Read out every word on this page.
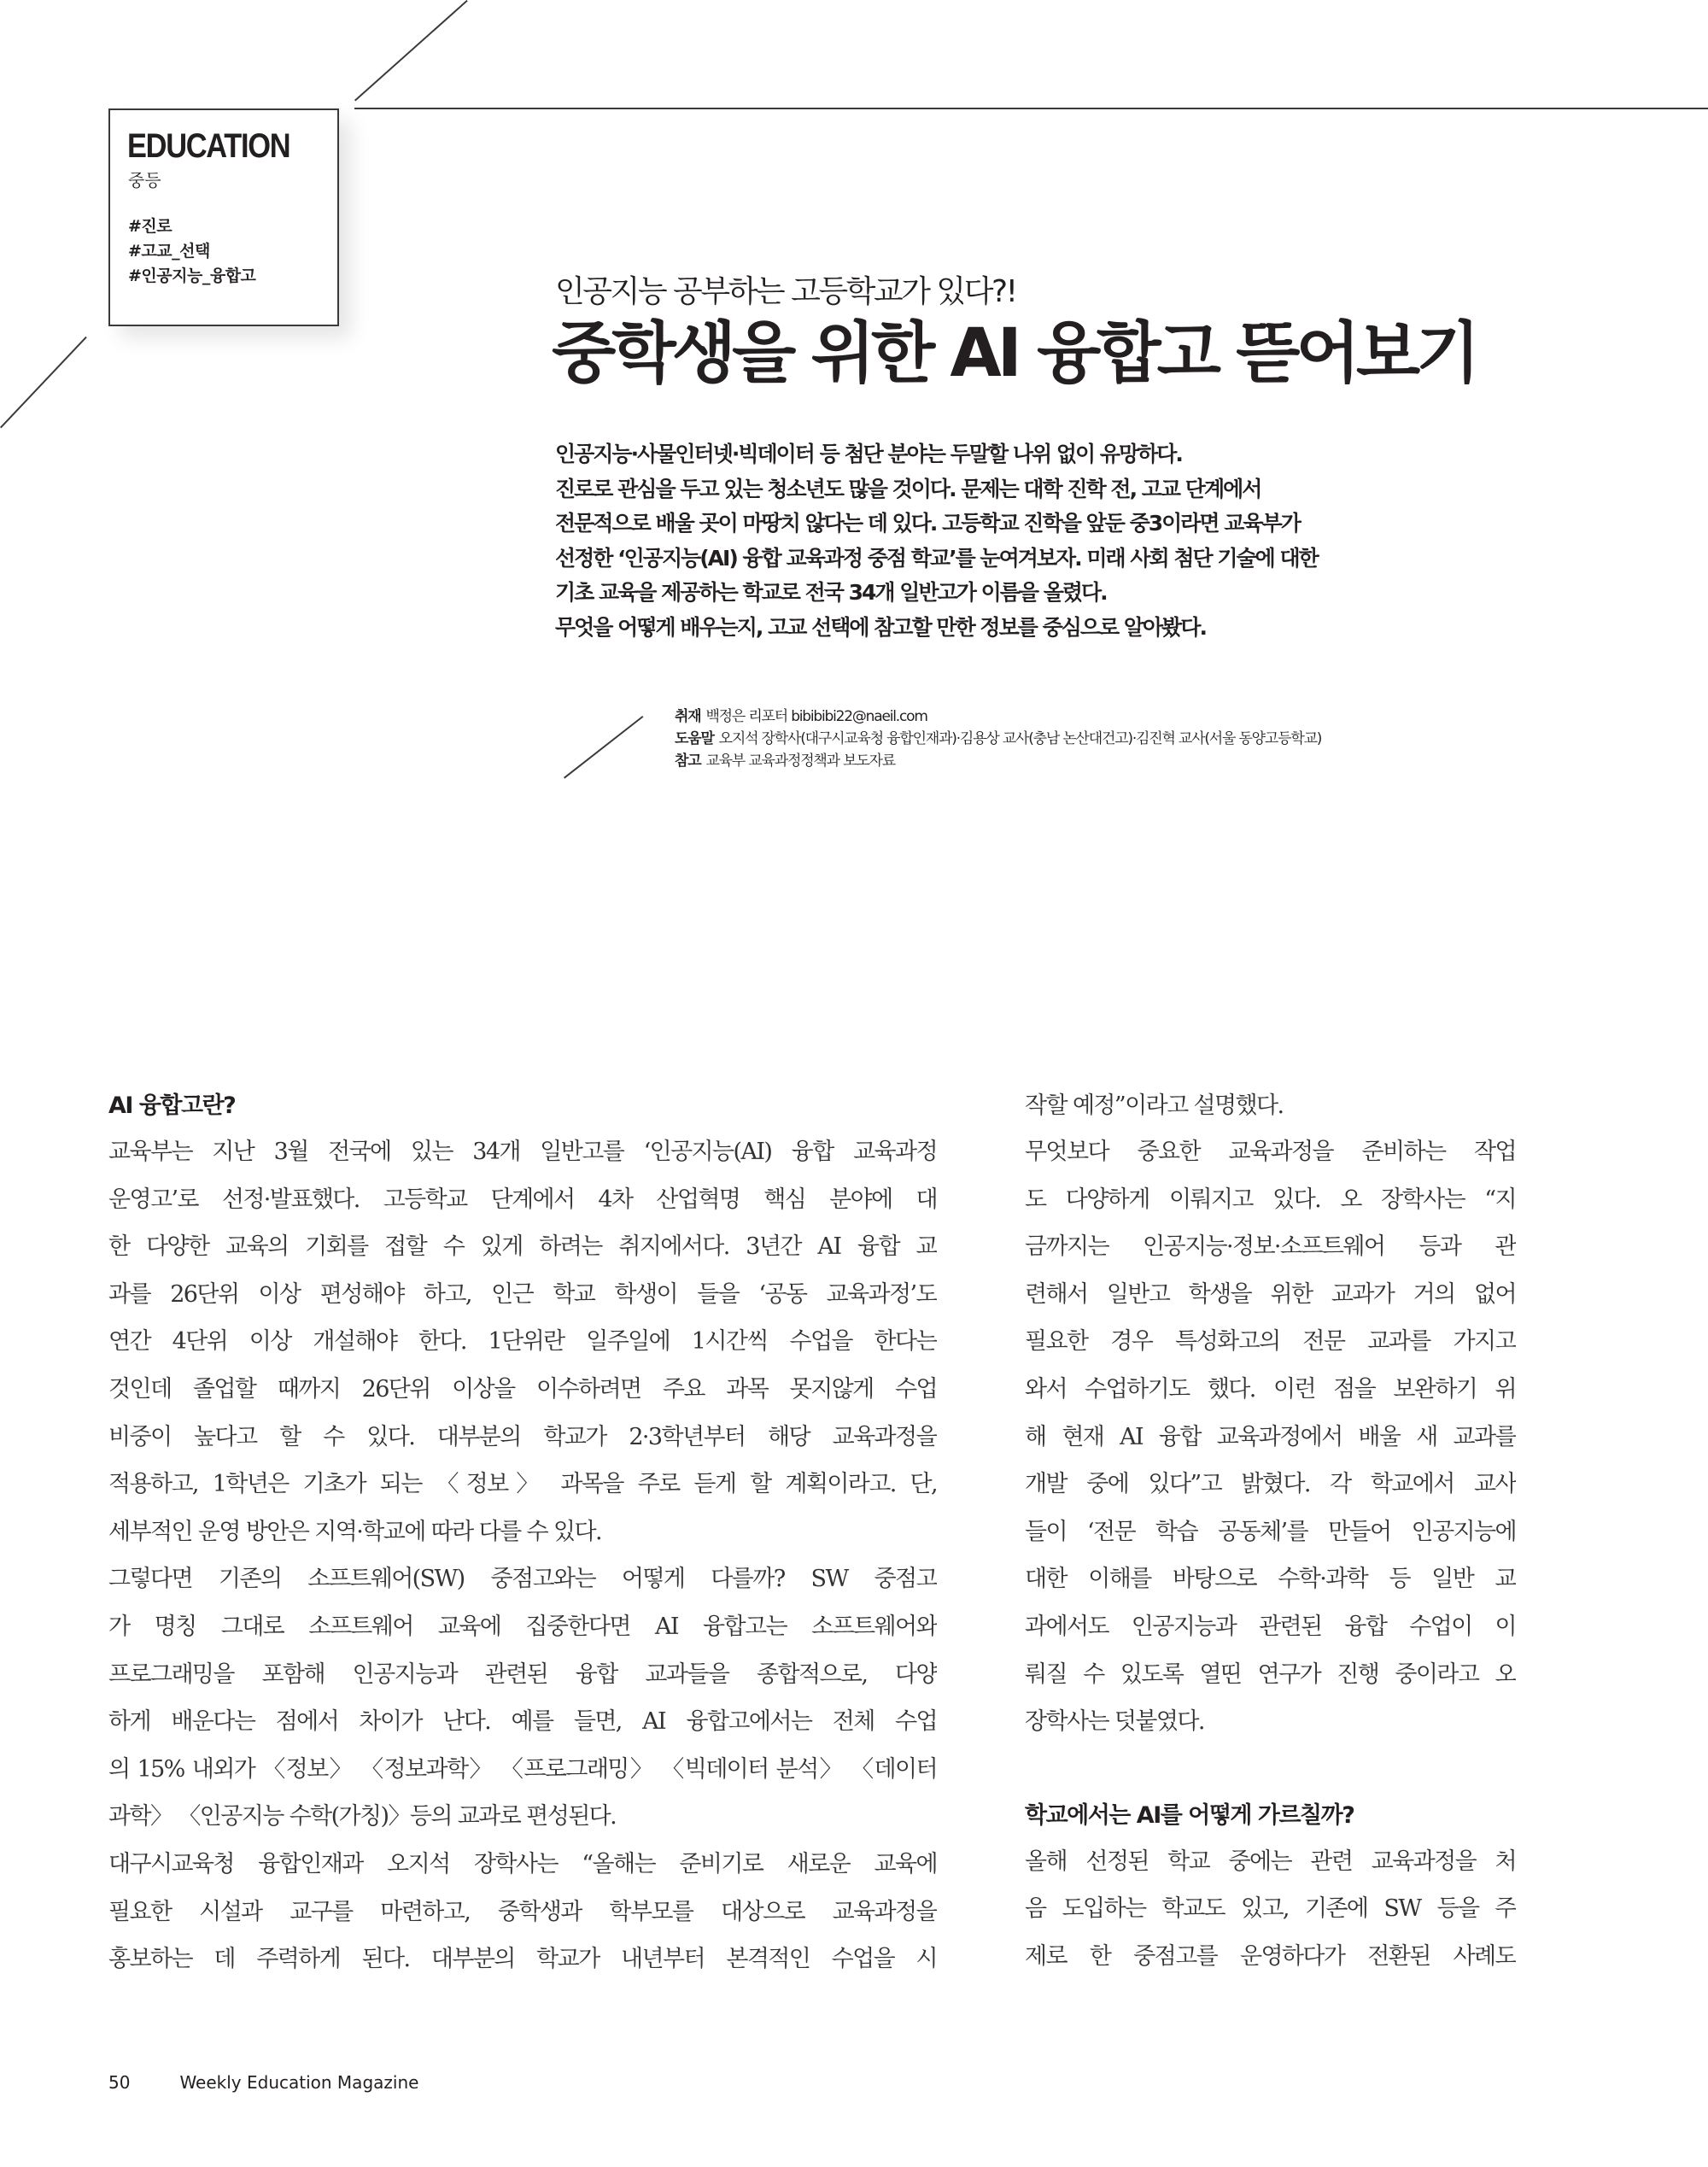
EDUCATION
중등
#진로
#고교_선택
#인공지능_융합고	인공지능 공부하는 고등학교가 있다?!
중학생을 위한 AI 융합고 뜯어보기
인공지능·사물인터넷·빅데이터 등 첨단 분야는 두말할 나위 없이 유망하다.
진로로 관심을 두고 있는 청소년도 많을 것이다. 문제는 대학 진학 전, 고교 단계에서
전문적으로 배울 곳이 마땅치 않다는 데 있다. 고등학교 진학을 앞둔 중3이라면 교육부가
선정한 ‘인공지능(AI) 융합 교육과정 중점 학교’를 눈여겨보자. 미래 사회 첨단 기술에 대한
기초 교육을 제공하는 학교로 전국 34개 일반고가 이름을 올렸다.
무엇을 어떻게 배우는지, 고교 선택에 참고할 만한 정보를 중심으로 알아봤다.
취재 백정은 리포터 bibibibi22@naeil.com
도움말 오지석 장학사(대구시교육청 융합인재과)·김용상 교사(충남 논산대건고)·김진혁 교사(서울 동양고등학교)
참고 교육부 교육과정정책과 보도자료
AI 융합고란?
교육부는 지난 3월 전국에 있는 34개 일반고를 ‘인공지능(AI) 융합 교육과정
운영고’로 선정·발표했다. 고등학교 단계에서 4차 산업혁명 핵심 분야에 대
한 다양한 교육의 기회를 접할 수 있게 하려는 취지에서다. 3년간 AI 융합 교
과를 26단위 이상 편성해야 하고, 인근 학교 학생이 들을 ‘공동 교육과정’도
연간 4단위 이상 개설해야 한다. 1단위란 일주일에 1시간씩 수업을 한다는
것인데 졸업할 때까지 26단위 이상을 이수하려면 주요 과목 못지않게 수업
비중이 높다고 할 수 있다. 대부분의 학교가 2·3학년부터 해당 교육과정을
적용하고, 1학년은 기초가 되는 〈정보〉 과목을 주로 듣게 할 계획이라고. 단,
세부적인 운영 방안은 지역·학교에 따라 다를 수 있다.
그렇다면 기존의 소프트웨어(SW) 중점고와는 어떻게 다를까? SW 중점고
가 명칭 그대로 소프트웨어 교육에 집중한다면 AI 융합고는 소프트웨어와
프로그래밍을 포함해 인공지능과 관련된 융합 교과들을 종합적으로, 다양
하게 배운다는 점에서 차이가 난다. 예를 들면, AI 융합고에서는 전체 수업
의 15% 내외가 〈정보〉 〈정보과학〉 〈프로그래밍〉 〈빅데이터 분석〉 〈데이터
과학〉 〈인공지능 수학(가칭)〉등의 교과로 편성된다.
대구시교육청 융합인재과 오지석 장학사는 “올해는 준비기로 새로운 교육에
필요한 시설과 교구를 마련하고, 중학생과 학부모를 대상으로 교육과정을
홍보하는 데 주력하게 된다. 대부분의 학교가 내년부터 본격적인 수업을 시
작할 예정”이라고 설명했다.
무엇보다 중요한 교육과정을 준비하는 작업
도 다양하게 이뤄지고 있다. 오 장학사는 “지
금까지는 인공지능·정보·소프트웨어 등과 관
련해서 일반고 학생을 위한 교과가 거의 없어
필요한 경우 특성화고의 전문 교과를 가지고
와서 수업하기도 했다. 이런 점을 보완하기 위
해 현재 AI 융합 교육과정에서 배울 새 교과를
개발 중에 있다”고 밝혔다. 각 학교에서 교사
들이 ‘전문 학습 공동체’를 만들어 인공지능에
대한 이해를 바탕으로 수학·과학 등 일반 교
과에서도 인공지능과 관련된 융합 수업이 이
뤄질 수 있도록 열띤 연구가 진행 중이라고 오
장학사는 덧붙였다.
학교에서는 AI를 어떻게 가르칠까?
올해 선정된 학교 중에는 관련 교육과정을 처
음 도입하는 학교도 있고, 기존에 SW 등을 주
제로 한 중점고를 운영하다가 전환된 사례도
50	Weekly Education Magazine
